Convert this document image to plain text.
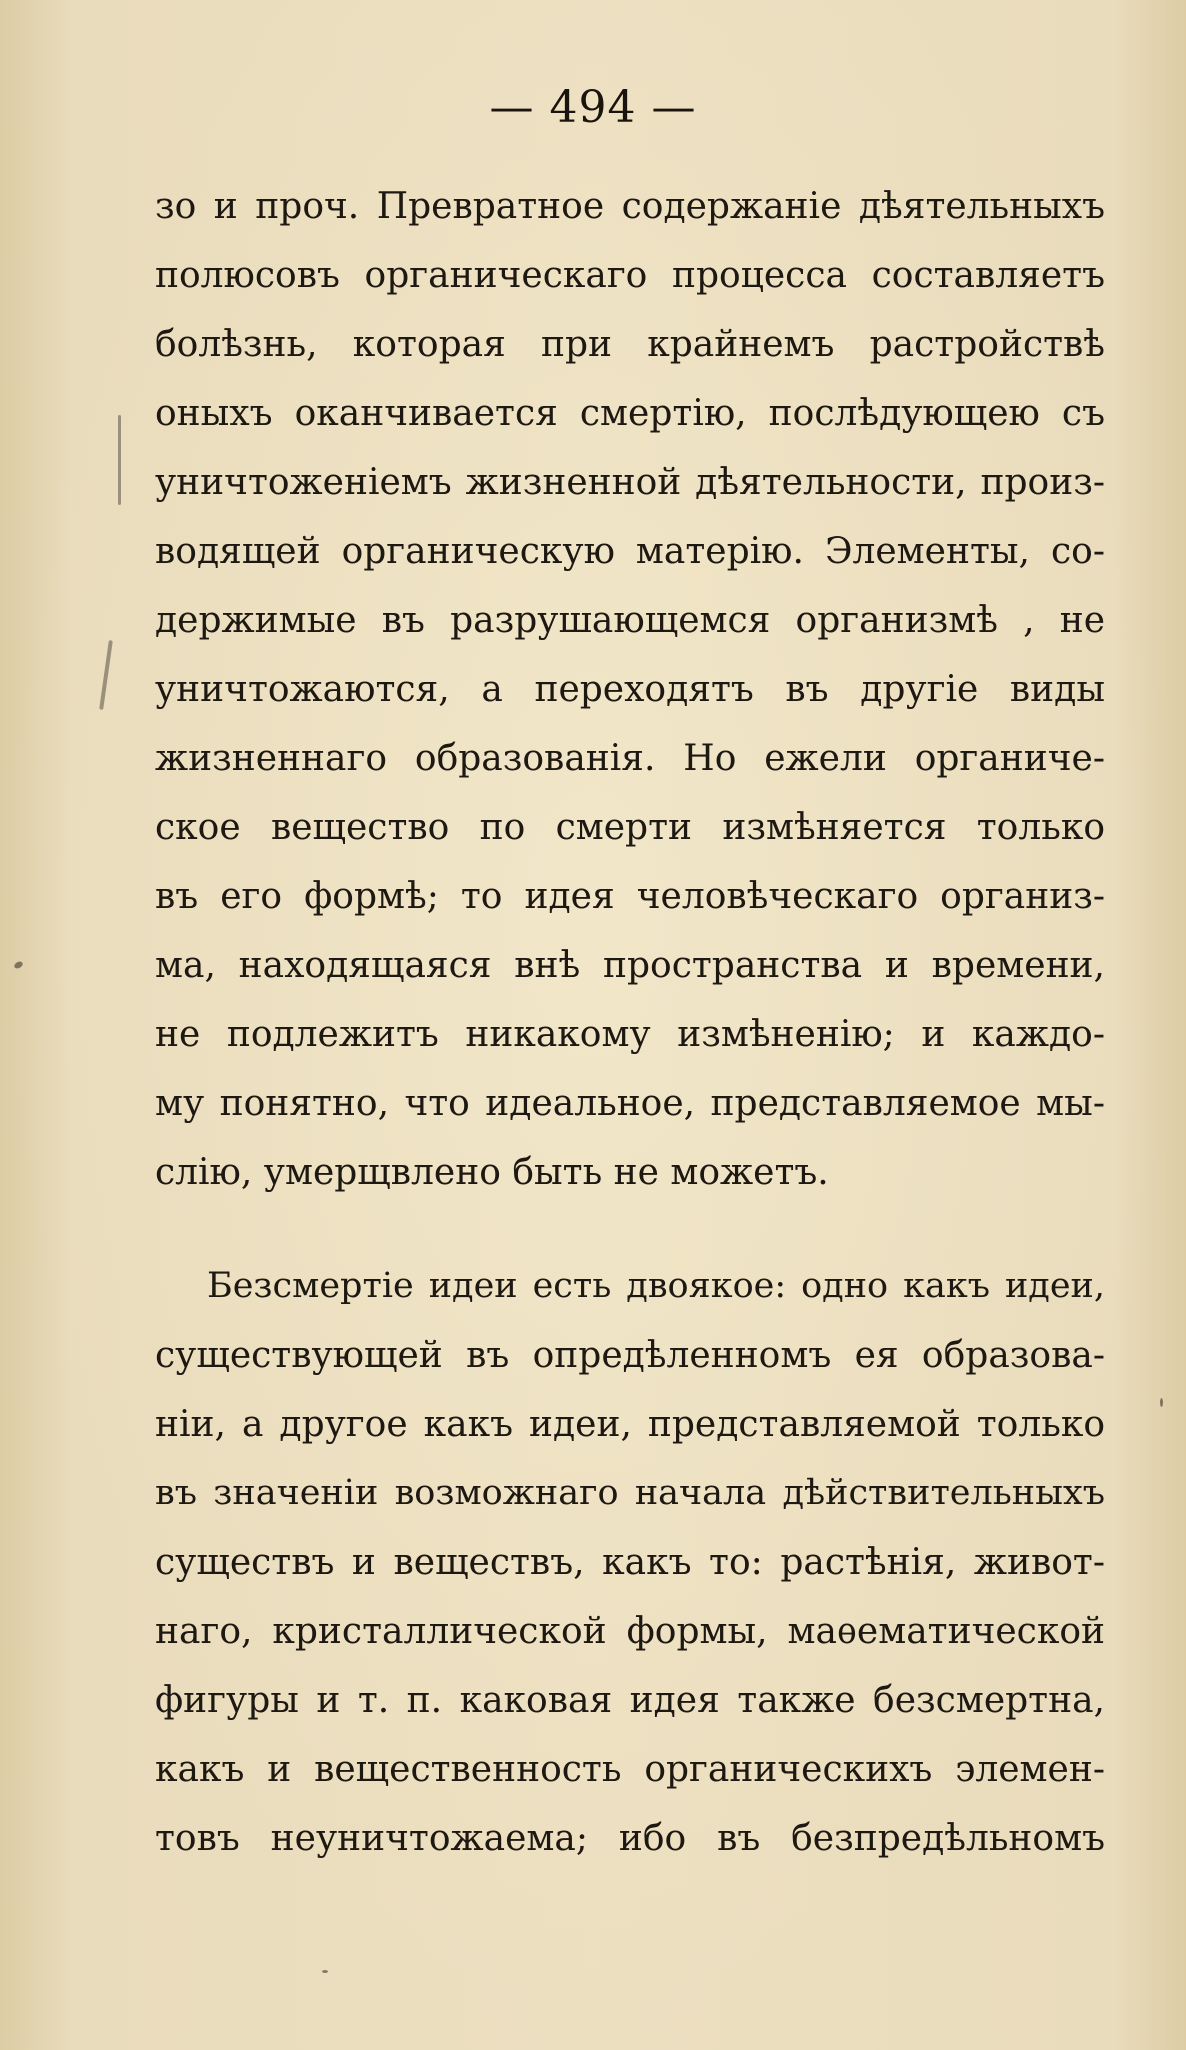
— 494 —
зо и проч. Превратное содержаніе дѣятельныхъ
полюсовъ органическаго процесса составляетъ
болѣзнь, которая при крайнемъ растройствѣ
оныхъ оканчивается смертію, послѣдующею съ
уничтоженіемъ жизненной дѣятельности, произ-
водящей органическую матерію. Элементы, со-
держимые въ разрушающемся организмѣ , не
уничтожаются, а переходятъ въ другіе виды
жизненнаго образованія. Но ежели органиче-
ское вещество по смерти измѣняется только
въ его формѣ; то идея человѣческаго организ-
ма, находящаяся внѣ пространства и времени,
не подлежитъ никакому измѣненію; и каждо-
му понятно, что идеальное, представляемое мы-
слію, умерщвлено быть не можетъ.
Безсмертіе идеи есть двоякое: одно какъ идеи,
существующей въ опредѣленномъ ея образова-
ніи, а другое какъ идеи, представляемой только
въ значеніи возможнаго начала дѣйствительныхъ
существъ и веществъ, какъ то: растѣнія, живот-
наго, кристаллической формы, маѳематической
фигуры и т. п. каковая идея также безсмертна,
какъ и вещественность органическихъ элемен-
товъ неуничтожаема; ибо въ безпредѣльномъ
